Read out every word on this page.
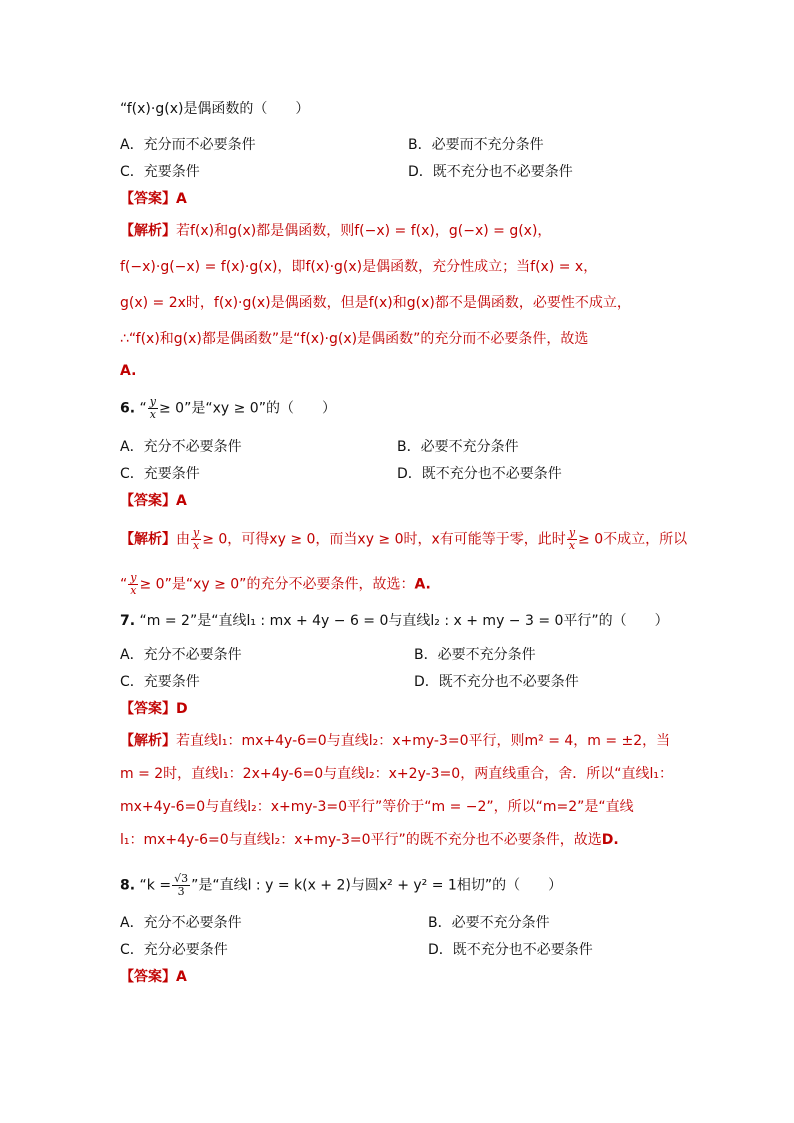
“f(x)·g(x)是偶函数的（　　）
A．充分而不必要条件	B．必要而不充分条件
C．充要条件	D．既不充分也不必要条件
【答案】A
【解析】若f(x)和g(x)都是偶函数，则f(−x) = f(x)，g(−x) = g(x)，
f(−x)·g(−x) = f(x)·g(x)，即f(x)·g(x)是偶函数，充分性成立；当f(x) = x，
g(x) = 2x时，f(x)·g(x)是偶函数，但是f(x)和g(x)都不是偶函数，必要性不成立，
∴“f(x)和g(x)都是偶函数”是“f(x)·g(x)是偶函数”的充分而不必要条件，故选
A.
6. “ $\frac{y}{x} \ge 0$”是“xy ≥ 0”的（　　）
A．充分不必要条件	B．必要不充分条件
C．充要条件	D．既不充分也不必要条件
【答案】A
【解析】由 $\frac{y}{x} \ge 0$，可得xy ≥ 0，而当xy ≥ 0时，x有可能等于零，此时 $\frac{y}{x} \ge 0$不成立，所以
“ $\frac{y}{x} \ge 0$”是“xy ≥ 0”的充分不必要条件，故选：A.
7. “m = 2”是“直线l₁ : mx + 4y − 6 = 0与直线l₂ : x + my − 3 = 0平行”的（　　）
A．充分不必要条件	B．必要不充分条件
C．充要条件	D．既不充分也不必要条件
【答案】D
【解析】若直线l₁：mx+4y-6=0与直线l₂：x+my-3=0平行，则m² = 4，m = ±2，当
m = 2时，直线l₁：2x+4y-6=0与直线l₂：x+2y-3=0，两直线重合，舍．所以“直线l₁：
mx+4y-6=0与直线l₂：x+my-3=0平行”等价于“m = −2”，所以“m=2”是“直线
l₁：mx+4y-6=0与直线l₂：x+my-3=0平行”的既不充分也不必要条件，故选D.
8. “$k = \frac{√3}{3}$ ”是“直线l : y = k(x + 2)与圆x² + y² = 1相切”的（　　）
A．充分不必要条件	B．必要不充分条件
C．充分必要条件	D．既不充分也不必要条件
【答案】A
